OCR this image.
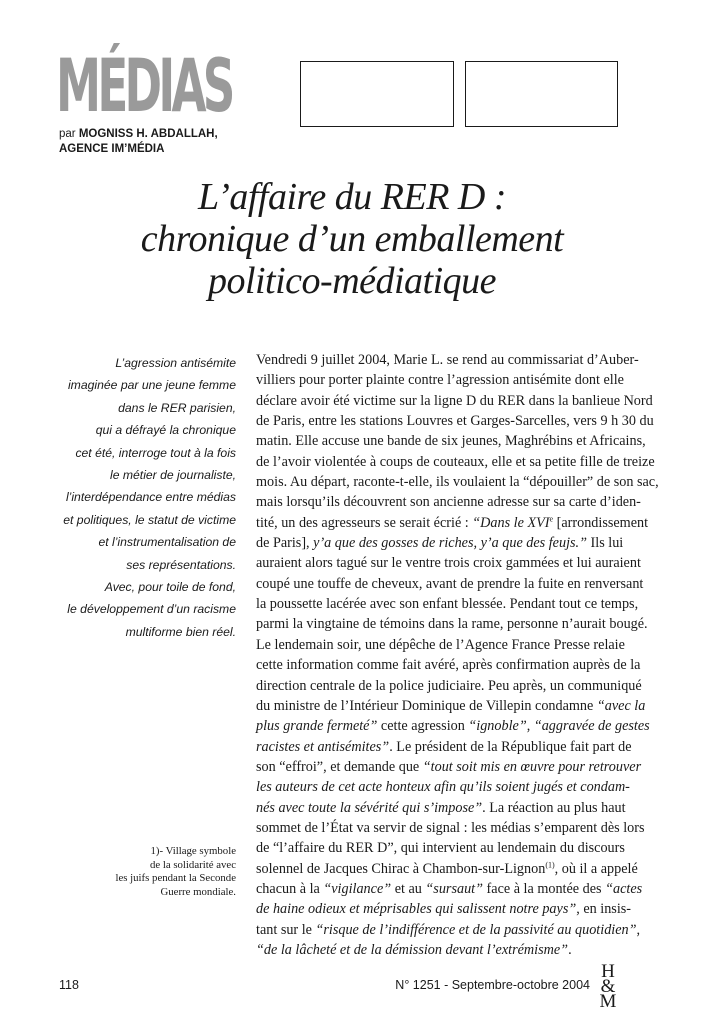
MÉDIAS
par MOGNISS H. ABDALLAH,
AGENCE IM’MÉDIA
L’affaire du RER D :
chronique d’un emballement
politico-médiatique
L’agression antisémite
imaginée par une jeune femme
dans le RER parisien,
qui a défrayé la chronique
cet été, interroge tout à la fois
le métier de journaliste,
l’interdépendance entre médias
et politiques, le statut de victime
et l’instrumentalisation de
ses représentations.
Avec, pour toile de fond,
le développement d’un racisme
multiforme bien réel.
1)- Village symbole
de la solidarité avec
les juifs pendant la Seconde
Guerre mondiale.
Vendredi 9 juillet 2004, Marie L. se rend au commissariat d’Auber-
villiers pour porter plainte contre l’agression antisémite dont elle
déclare avoir été victime sur la ligne D du RER dans la banlieue Nord
de Paris, entre les stations Louvres et Garges-Sarcelles, vers 9 h 30 du
matin. Elle accuse une bande de six jeunes, Maghrébins et Africains,
de l’avoir violentée à coups de couteaux, elle et sa petite fille de treize
mois. Au départ, raconte-t-elle, ils voulaient la “dépouiller” de son sac,
mais lorsqu’ils découvrent son ancienne adresse sur sa carte d’iden-
tité, un des agresseurs se serait écrié : “Dans le XVIe [arrondissement
de Paris], y’a que des gosses de riches, y’a que des feujs.” Ils lui
auraient alors tagué sur le ventre trois croix gammées et lui auraient
coupé une touffe de cheveux, avant de prendre la fuite en renversant
la poussette lacérée avec son enfant blessée. Pendant tout ce temps,
parmi la vingtaine de témoins dans la rame, personne n’aurait bougé.
Le lendemain soir, une dépêche de l’Agence France Presse relaie
cette information comme fait avéré, après confirmation auprès de la
direction centrale de la police judiciaire. Peu après, un communiqué
du ministre de l’Intérieur Dominique de Villepin condamne “avec la
plus grande fermeté” cette agression “ignoble”, “aggravée de gestes
racistes et antisémites”. Le président de la République fait part de
son “effroi”, et demande que “tout soit mis en œuvre pour retrouver
les auteurs de cet acte honteux afin qu’ils soient jugés et condam-
nés avec toute la sévérité qui s’impose”. La réaction au plus haut
sommet de l’État va servir de signal : les médias s’emparent dès lors
de “l’affaire du RER D”, qui intervient au lendemain du discours
solennel de Jacques Chirac à Chambon-sur-Lignon$^{(1)}$, où il a appelé
chacun à la “vigilance” et au “sursaut” face à la montée des “actes
de haine odieux et méprisables qui salissent notre pays”, en insis-
tant sur le “risque de l’indifférence et de la passivité au quotidien”,
“de la lâcheté et de la démission devant l’extrémisme”.
118	N° 1251 - Septembre-octobre 2004
H
&
M
